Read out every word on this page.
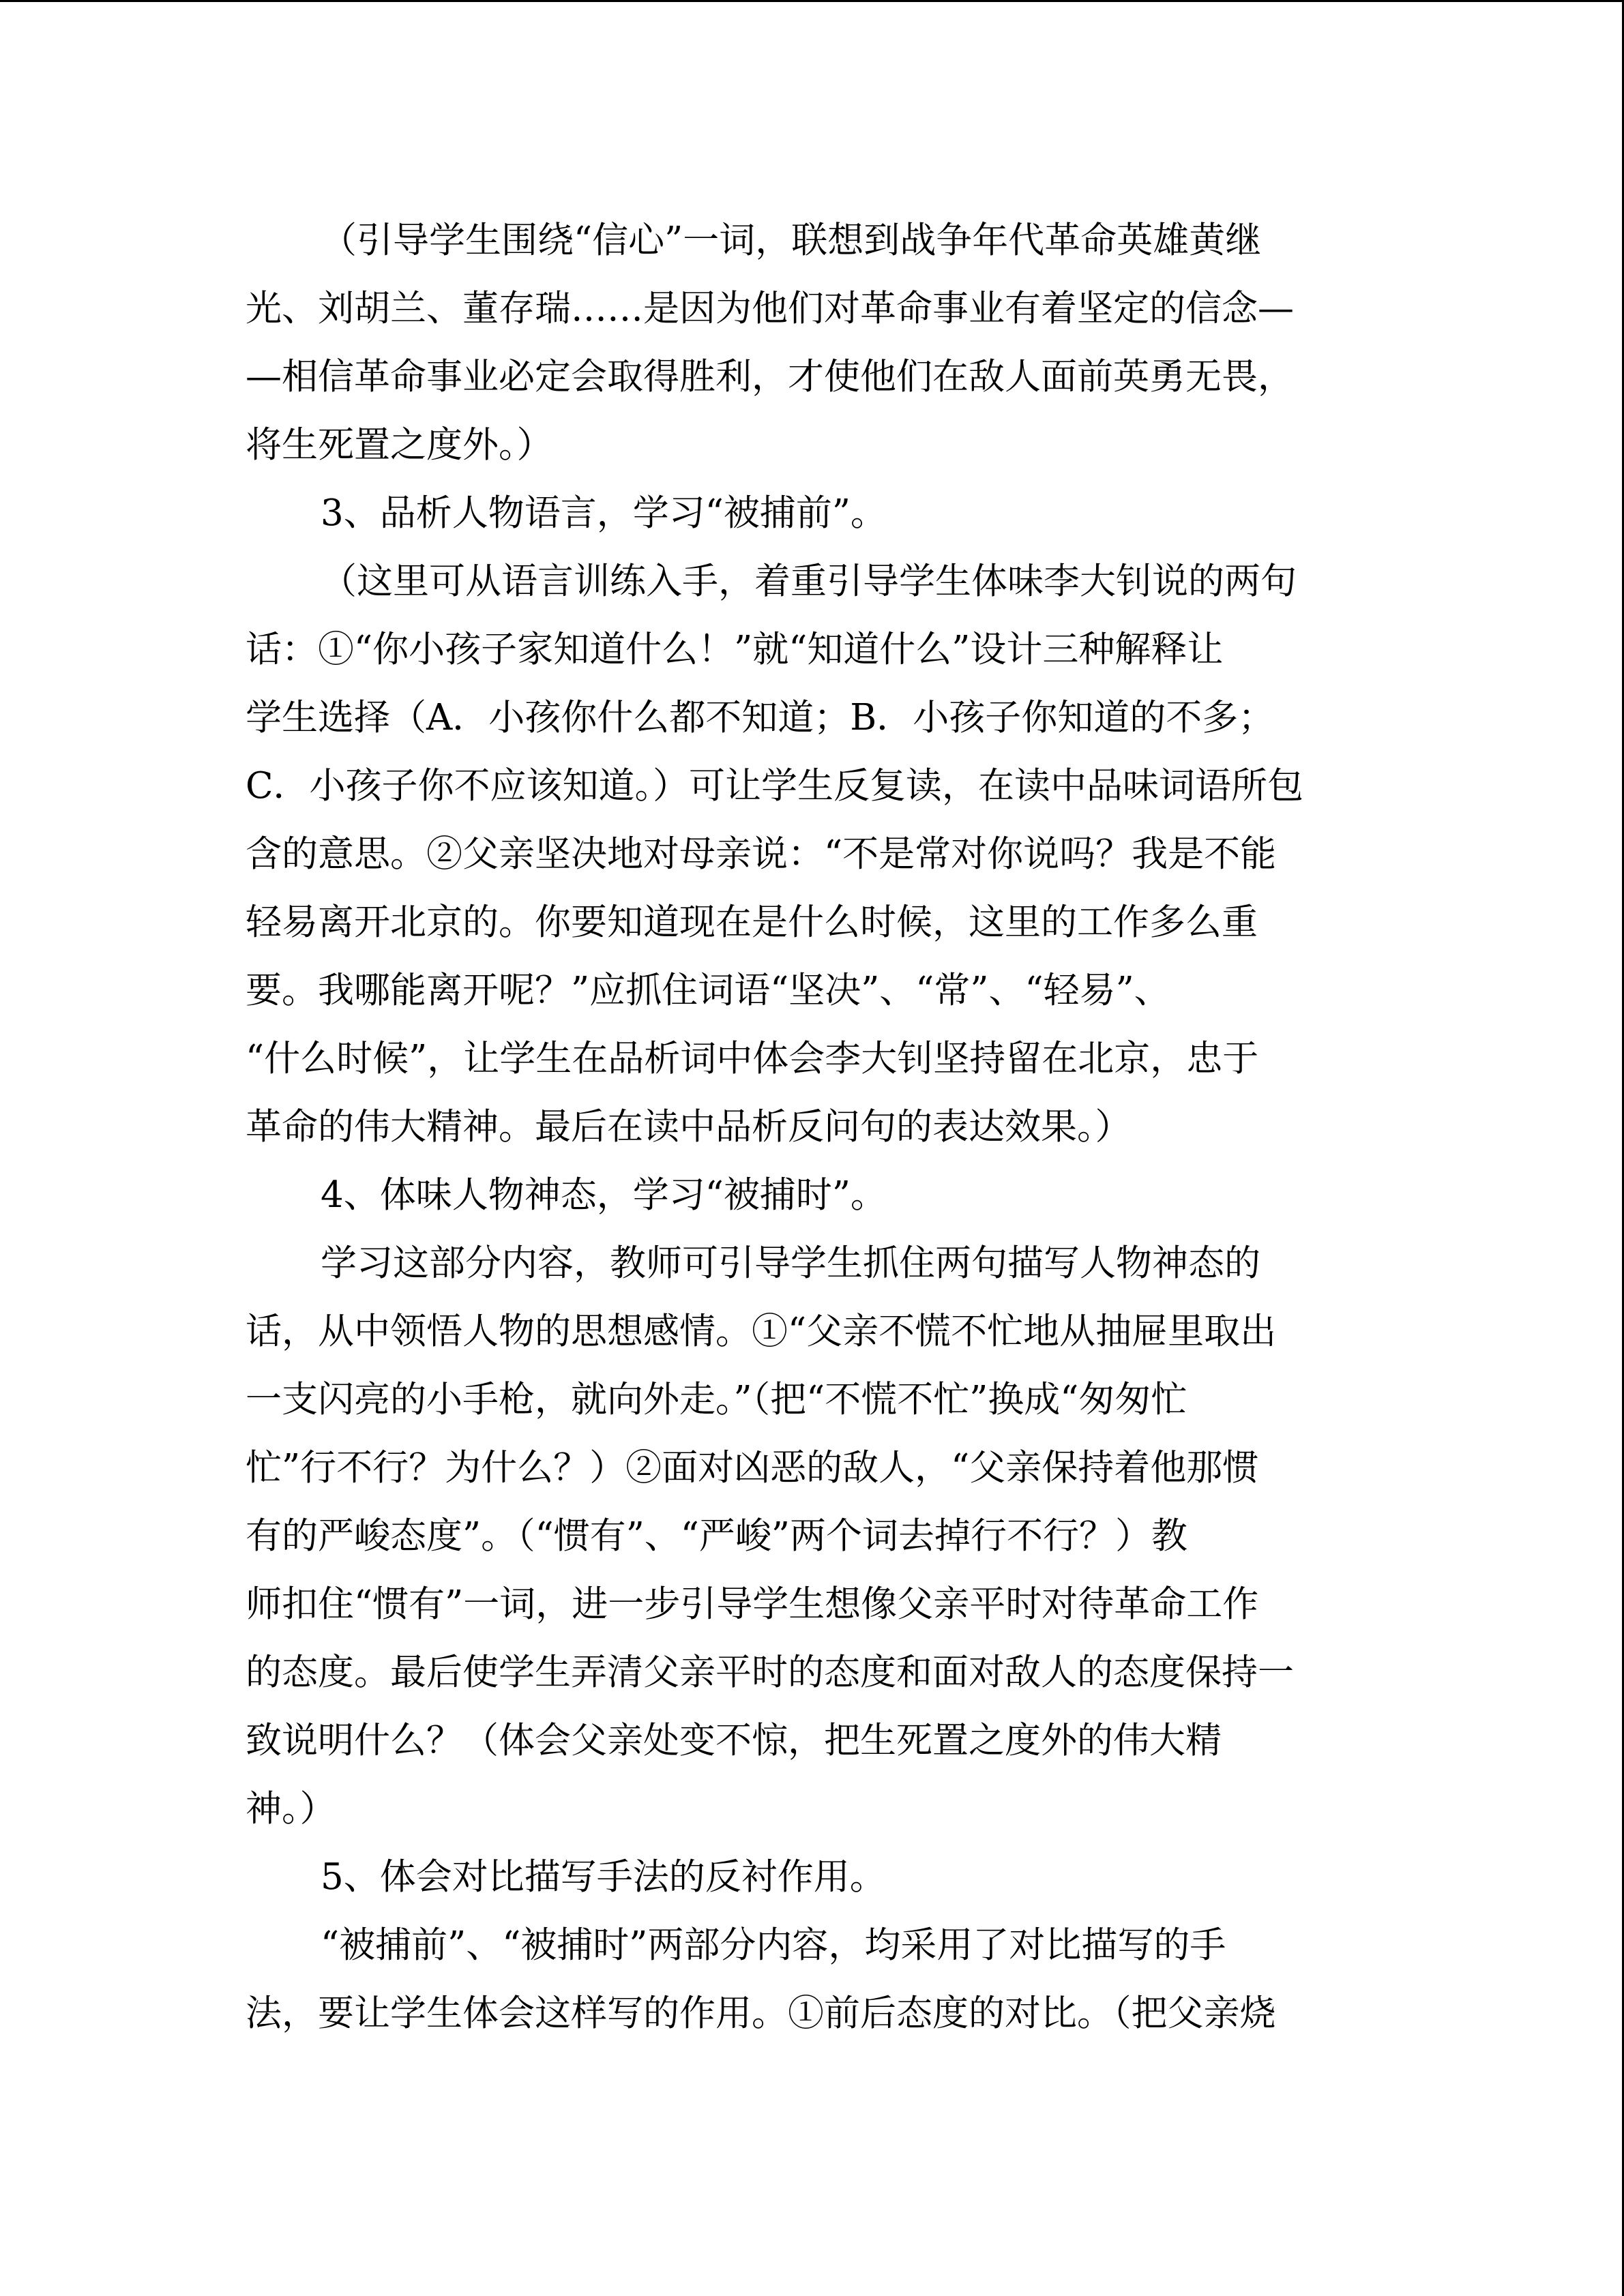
（引导学生围绕“信心”一词，联想到战争年代革命英雄黄继
光、刘胡兰、董存瑞……是因为他们对革命事业有着坚定的信念—
—相信革命事业必定会取得胜利，才使他们在敌人面前英勇无畏，
将生死置之度外。）
3、品析人物语言，学习“被捕前”。
（这里可从语言训练入手，着重引导学生体味李大钊说的两句
话：①“你小孩子家知道什么！”就“知道什么”设计三种解释让
学生选择（A．小孩你什么都不知道；B．小孩子你知道的不多；
C．小孩子你不应该知道。）可让学生反复读，在读中品味词语所包
含的意思。②父亲坚决地对母亲说：“不是常对你说吗？我是不能
轻易离开北京的。你要知道现在是什么时候，这里的工作多么重
要。我哪能离开呢？”应抓住词语“坚决”、“常”、“轻易”、
“什么时候”，让学生在品析词中体会李大钊坚持留在北京，忠于
革命的伟大精神。最后在读中品析反问句的表达效果。）
4、体味人物神态，学习“被捕时”。
学习这部分内容，教师可引导学生抓住两句描写人物神态的
话，从中领悟人物的思想感情。①“父亲不慌不忙地从抽屉里取出
一支闪亮的小手枪，就向外走。”（把“不慌不忙”换成“匆匆忙
忙”行不行？为什么？）②面对凶恶的敌人，“父亲保持着他那惯
有的严峻态度”。（“惯有”、“严峻”两个词去掉行不行？）教
师扣住“惯有”一词，进一步引导学生想像父亲平时对待革命工作
的态度。最后使学生弄清父亲平时的态度和面对敌人的态度保持一
致说明什么？（体会父亲处变不惊，把生死置之度外的伟大精
神。）
5、体会对比描写手法的反衬作用。
“被捕前”、“被捕时”两部分内容，均采用了对比描写的手
法，要让学生体会这样写的作用。①前后态度的对比。（把父亲烧
